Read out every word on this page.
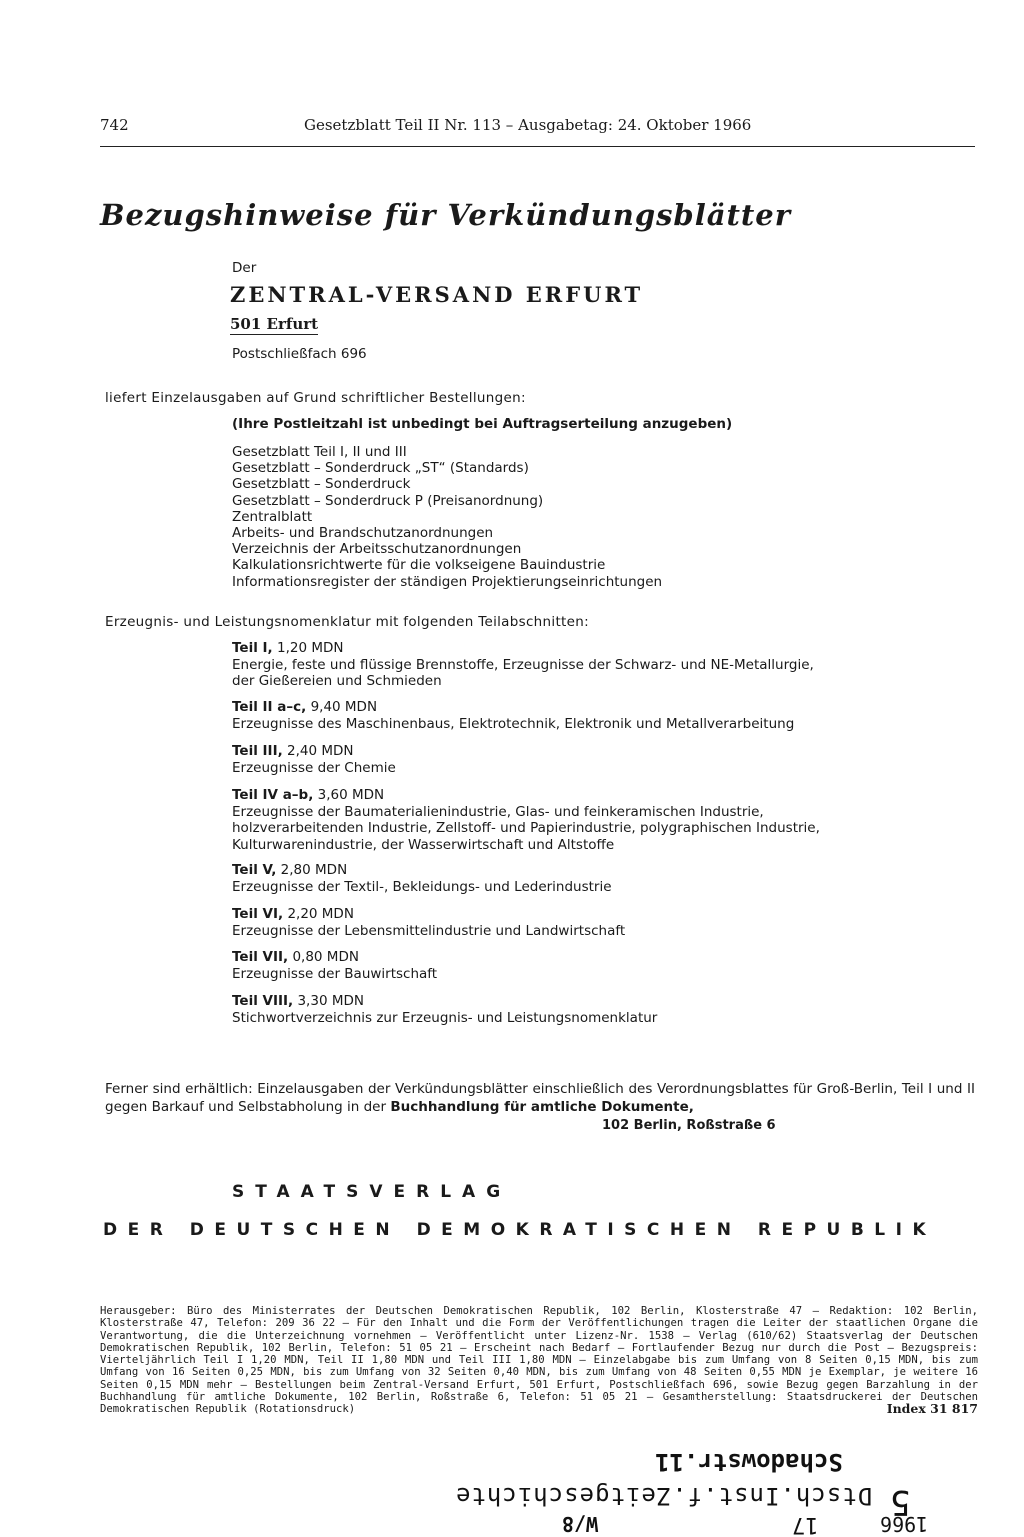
742	Gesetzblatt Teil II Nr. 113 – Ausgabetag: 24. Oktober 1966
Bezugshinweise für Verkündungsblätter
Der
ZENTRAL-VERSAND ERFURT
501 Erfurt
Postschließfach 696
liefert Einzelausgaben auf Grund schriftlicher Bestellungen:
(Ihre Postleitzahl ist unbedingt bei Auftragserteilung anzugeben)
Gesetzblatt Teil I, II und III
Gesetzblatt – Sonderdruck „ST“ (Standards)
Gesetzblatt – Sonderdruck
Gesetzblatt – Sonderdruck P (Preisanordnung)
Zentralblatt
Arbeits- und Brandschutzanordnungen
Verzeichnis der Arbeitsschutzanordnungen
Kalkulationsrichtwerte für die volkseigene Bauindustrie
Informationsregister der ständigen Projektierungseinrichtungen
Erzeugnis- und Leistungsnomenklatur mit folgenden Teilabschnitten:
Teil I, 1,20 MDN
Energie, feste und flüssige Brennstoffe, Erzeugnisse der Schwarz- und NE-Metallurgie,
der Gießereien und Schmieden
Teil II a–c, 9,40 MDN
Erzeugnisse des Maschinenbaus, Elektrotechnik, Elektronik und Metallverarbeitung
Teil III, 2,40 MDN
Erzeugnisse der Chemie
Teil IV a–b, 3,60 MDN
Erzeugnisse der Baumaterialienindustrie, Glas- und feinkeramischen Industrie,
holzverarbeitenden Industrie, Zellstoff- und Papierindustrie, polygraphischen Industrie,
Kulturwarenindustrie, der Wasserwirtschaft und Altstoffe
Teil V, 2,80 MDN
Erzeugnisse der Textil-, Bekleidungs- und Lederindustrie
Teil VI, 2,20 MDN
Erzeugnisse der Lebensmittelindustrie und Landwirtschaft
Teil VII, 0,80 MDN
Erzeugnisse der Bauwirtschaft
Teil VIII, 3,30 MDN
Stichwortverzeichnis zur Erzeugnis- und Leistungsnomenklatur
Ferner sind erhältlich: Einzelausgaben der Verkündungsblätter einschließlich des Verordnungsblattes für Groß-Berlin, Teil I und II gegen Barkauf und Selbstabholung in der Buchhandlung für amtliche Dokumente,
102 Berlin, Roßstraße 6
STAATSVERLAG
DER DEUTSCHEN DEMOKRATISCHEN REPUBLIK
Herausgeber: Büro des Ministerrates der Deutschen Demokratischen Republik, 102 Berlin, Klosterstraße 47 – Redaktion: 102 Berlin, Klosterstraße 47, Telefon: 209 36 22 – Für den Inhalt und die Form der Veröffentlichungen tragen die Leiter der staatlichen Organe die Verantwortung, die die Unterzeichnung vornehmen – Veröffentlicht unter Lizenz-Nr. 1538 – Verlag (610/62) Staatsverlag der Deutschen Demokratischen Republik, 102 Berlin, Telefon: 51 05 21 – Erscheint nach Bedarf – Fortlaufender Bezug nur durch die Post – Bezugspreis: Vierteljährlich Teil I 1,20 MDN, Teil II 1,80 MDN und Teil III 1,80 MDN – Einzelabgabe bis zum Umfang von 8 Seiten 0,15 MDN, bis zum Umfang von 16 Seiten 0,25 MDN, bis zum Umfang von 32 Seiten 0,40 MDN, bis zum Umfang von 48 Seiten 0,55 MDN je Exemplar, je weitere 16 Seiten 0,15 MDN mehr – Bestellungen beim Zentral-Versand Erfurt, 501 Erfurt, Postschließfach 696, sowie Bezug gegen Barzahlung in der Buchhandlung für amtliche Dokumente, 102 Berlin, Roßstraße 6, Telefon: 51 05 21 – Gesamtherstellung: Staatsdruckerei der Deutschen Demokratischen Republik (Rotationsdruck)	Index 31 817
Schadowstr.11
Dtsch.Inst.f.Zeitgeschichte
W/8	17
5
1966
